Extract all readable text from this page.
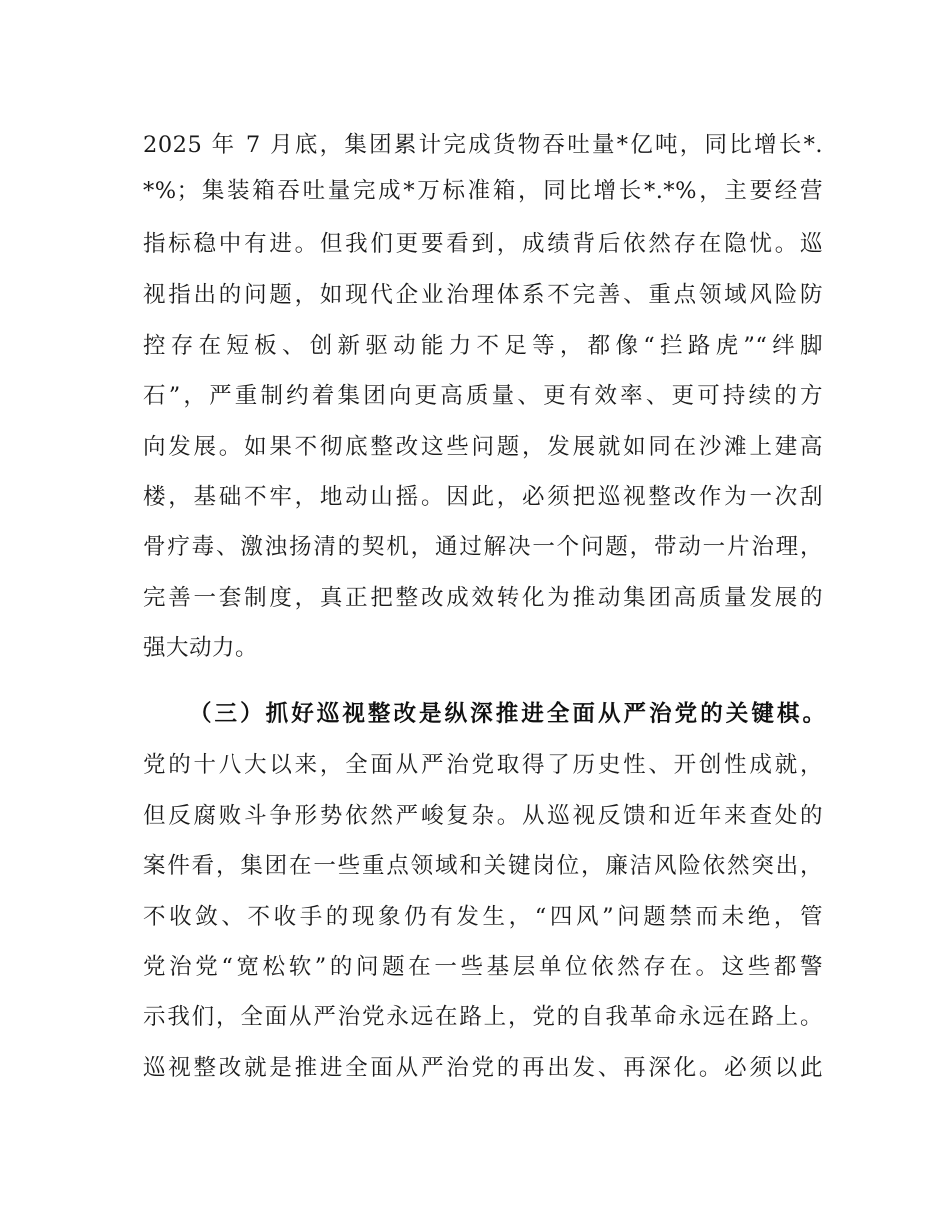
2025 年 7 月底，集团累计完成货物吞吐量*亿吨，同比增长*.
*%；集装箱吞吐量完成*万标准箱，同比增长*.*%，主要经营
指标稳中有进。但我们更要看到，成绩背后依然存在隐忧。巡
视指出的问题，如现代企业治理体系不完善、重点领域风险防
控存在短板、创新驱动能力不足等，都像“拦路虎”“绊脚
石”，严重制约着集团向更高质量、更有效率、更可持续的方
向发展。如果不彻底整改这些问题，发展就如同在沙滩上建高
楼，基础不牢，地动山摇。因此，必须把巡视整改作为一次刮
骨疗毒、激浊扬清的契机，通过解决一个问题，带动一片治理，
完善一套制度，真正把整改成效转化为推动集团高质量发展的
强大动力。
（三）抓好巡视整改是纵深推进全面从严治党的关键棋。
党的十八大以来，全面从严治党取得了历史性、开创性成就，
但反腐败斗争形势依然严峻复杂。从巡视反馈和近年来查处的
案件看，集团在一些重点领域和关键岗位，廉洁风险依然突出，
不收敛、不收手的现象仍有发生，“四风”问题禁而未绝，管
党治党“宽松软”的问题在一些基层单位依然存在。这些都警
示我们，全面从严治党永远在路上，党的自我革命永远在路上。
巡视整改就是推进全面从严治党的再出发、再深化。必须以此
